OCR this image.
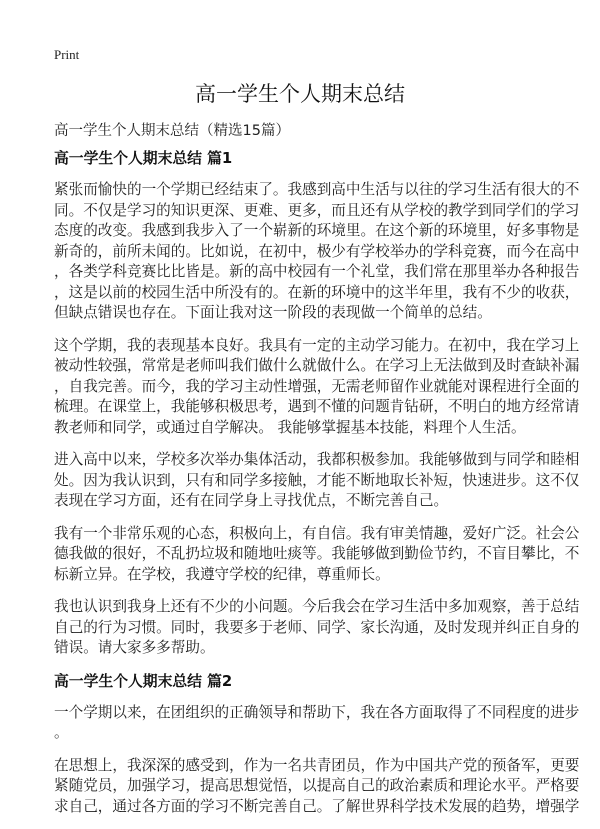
Print
高一学生个人期末总结
高一学生个人期末总结（精选15篇）
高一学生个人期末总结 篇1

紧张而愉快的一个学期已经结束了。我感到高中生活与以往的学习生活有很大的不
同。不仅是学习的知识更深、更难、更多，而且还有从学校的教学到同学们的学习
态度的改变。我感到我步入了一个崭新的环境里。在这个新的环境里，好多事物是
新奇的，前所未闻的。比如说，在初中，极少有学校举办的学科竞赛，而今在高中
，各类学科竞赛比比皆是。新的高中校园有一个礼堂，我们常在那里举办各种报告
，这是以前的校园生活中所没有的。在新的环境中的这半年里，我有不少的收获，
但缺点错误也存在。下面让我对这一阶段的表现做一个简单的总结。

这个学期，我的表现基本良好。我具有一定的主动学习能力。在初中，我在学习上
被动性较强，常常是老师叫我们做什么就做什么。在学习上无法做到及时查缺补漏
，自我完善。而今，我的学习主动性增强，无需老师留作业就能对课程进行全面的
梳理。在课堂上，我能够积极思考，遇到不懂的问题肯钻研，不明白的地方经常请
教老师和同学，或通过自学解决。 我能够掌握基本技能，料理个人生活。

进入高中以来，学校多次举办集体活动，我都积极参加。我能够做到与同学和睦相
处。因为我认识到，只有和同学多接触，才能不断地取长补短，快速进步。这不仅
表现在学习方面，还有在同学身上寻找优点，不断完善自己。

我有一个非常乐观的心态，积极向上，有自信。我有审美情趣，爱好广泛。社会公
德我做的很好，不乱扔垃圾和随地吐痰等。我能够做到勤俭节约，不盲目攀比，不
标新立异。在学校，我遵守学校的纪律，尊重师长。

我也认识到我身上还有不少的小问题。今后我会在学习生活中多加观察，善于总结
自己的行为习惯。同时，我要多于老师、同学、家长沟通，及时发现并纠正自身的
错误。请大家多多帮助。

高一学生个人期末总结 篇2

一个学期以来，在团组织的正确领导和帮助下，我在各方面取得了不同程度的进步
。

在思想上，我深深的感受到，作为一名共青团员，作为中国共产党的预备军，更要
紧随党员，加强学习，提高思想觉悟，以提高自己的政治素质和理论水平。严格要
求自己，通过各方面的学习不断完善自己。了解世界科学技术发展的趋势，增强学
